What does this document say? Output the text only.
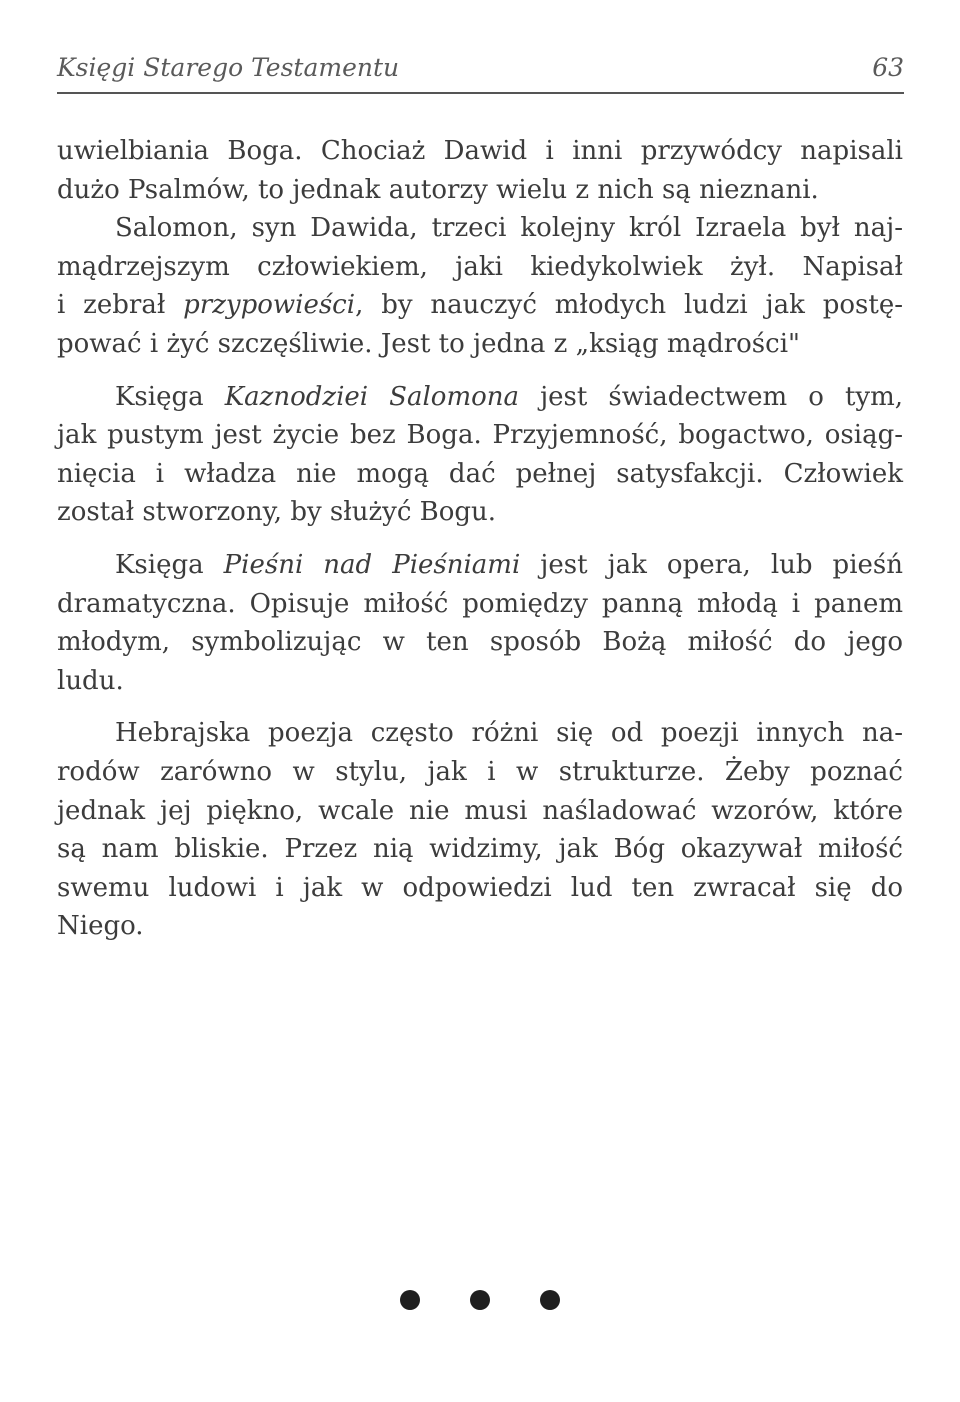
Księgi Starego Testamentu	63
uwielbiania Boga. Chociaż Dawid i inni przywódcy napisali
dużo Psalmów, to jednak autorzy wielu z nich są nieznani.
Salomon, syn Dawida, trzeci kolejny król Izraela był naj-
mądrzejszym człowiekiem, jaki kiedykolwiek żył. Napisał
i zebrał przypowieści, by nauczyć młodych ludzi jak postę-
pować i żyć szczęśliwie. Jest to jedna z „ksiąg mądrości"
Księga Kaznodziei Salomona jest świadectwem o tym,
jak pustym jest życie bez Boga. Przyjemność, bogactwo, osiąg-
nięcia i władza nie mogą dać pełnej satysfakcji. Człowiek
został stworzony, by służyć Bogu.
Księga Pieśni nad Pieśniami jest jak opera, lub pieśń
dramatyczna. Opisuje miłość pomiędzy panną młodą i panem
młodym, symbolizując w ten sposób Bożą miłość do jego
ludu.
Hebrajska poezja często różni się od poezji innych na-
rodów zarówno w stylu, jak i w strukturze. Żeby poznać
jednak jej piękno, wcale nie musi naśladować wzorów, które
są nam bliskie. Przez nią widzimy, jak Bóg okazywał miłość
swemu ludowi i jak w odpowiedzi lud ten zwracał się do
Niego.
